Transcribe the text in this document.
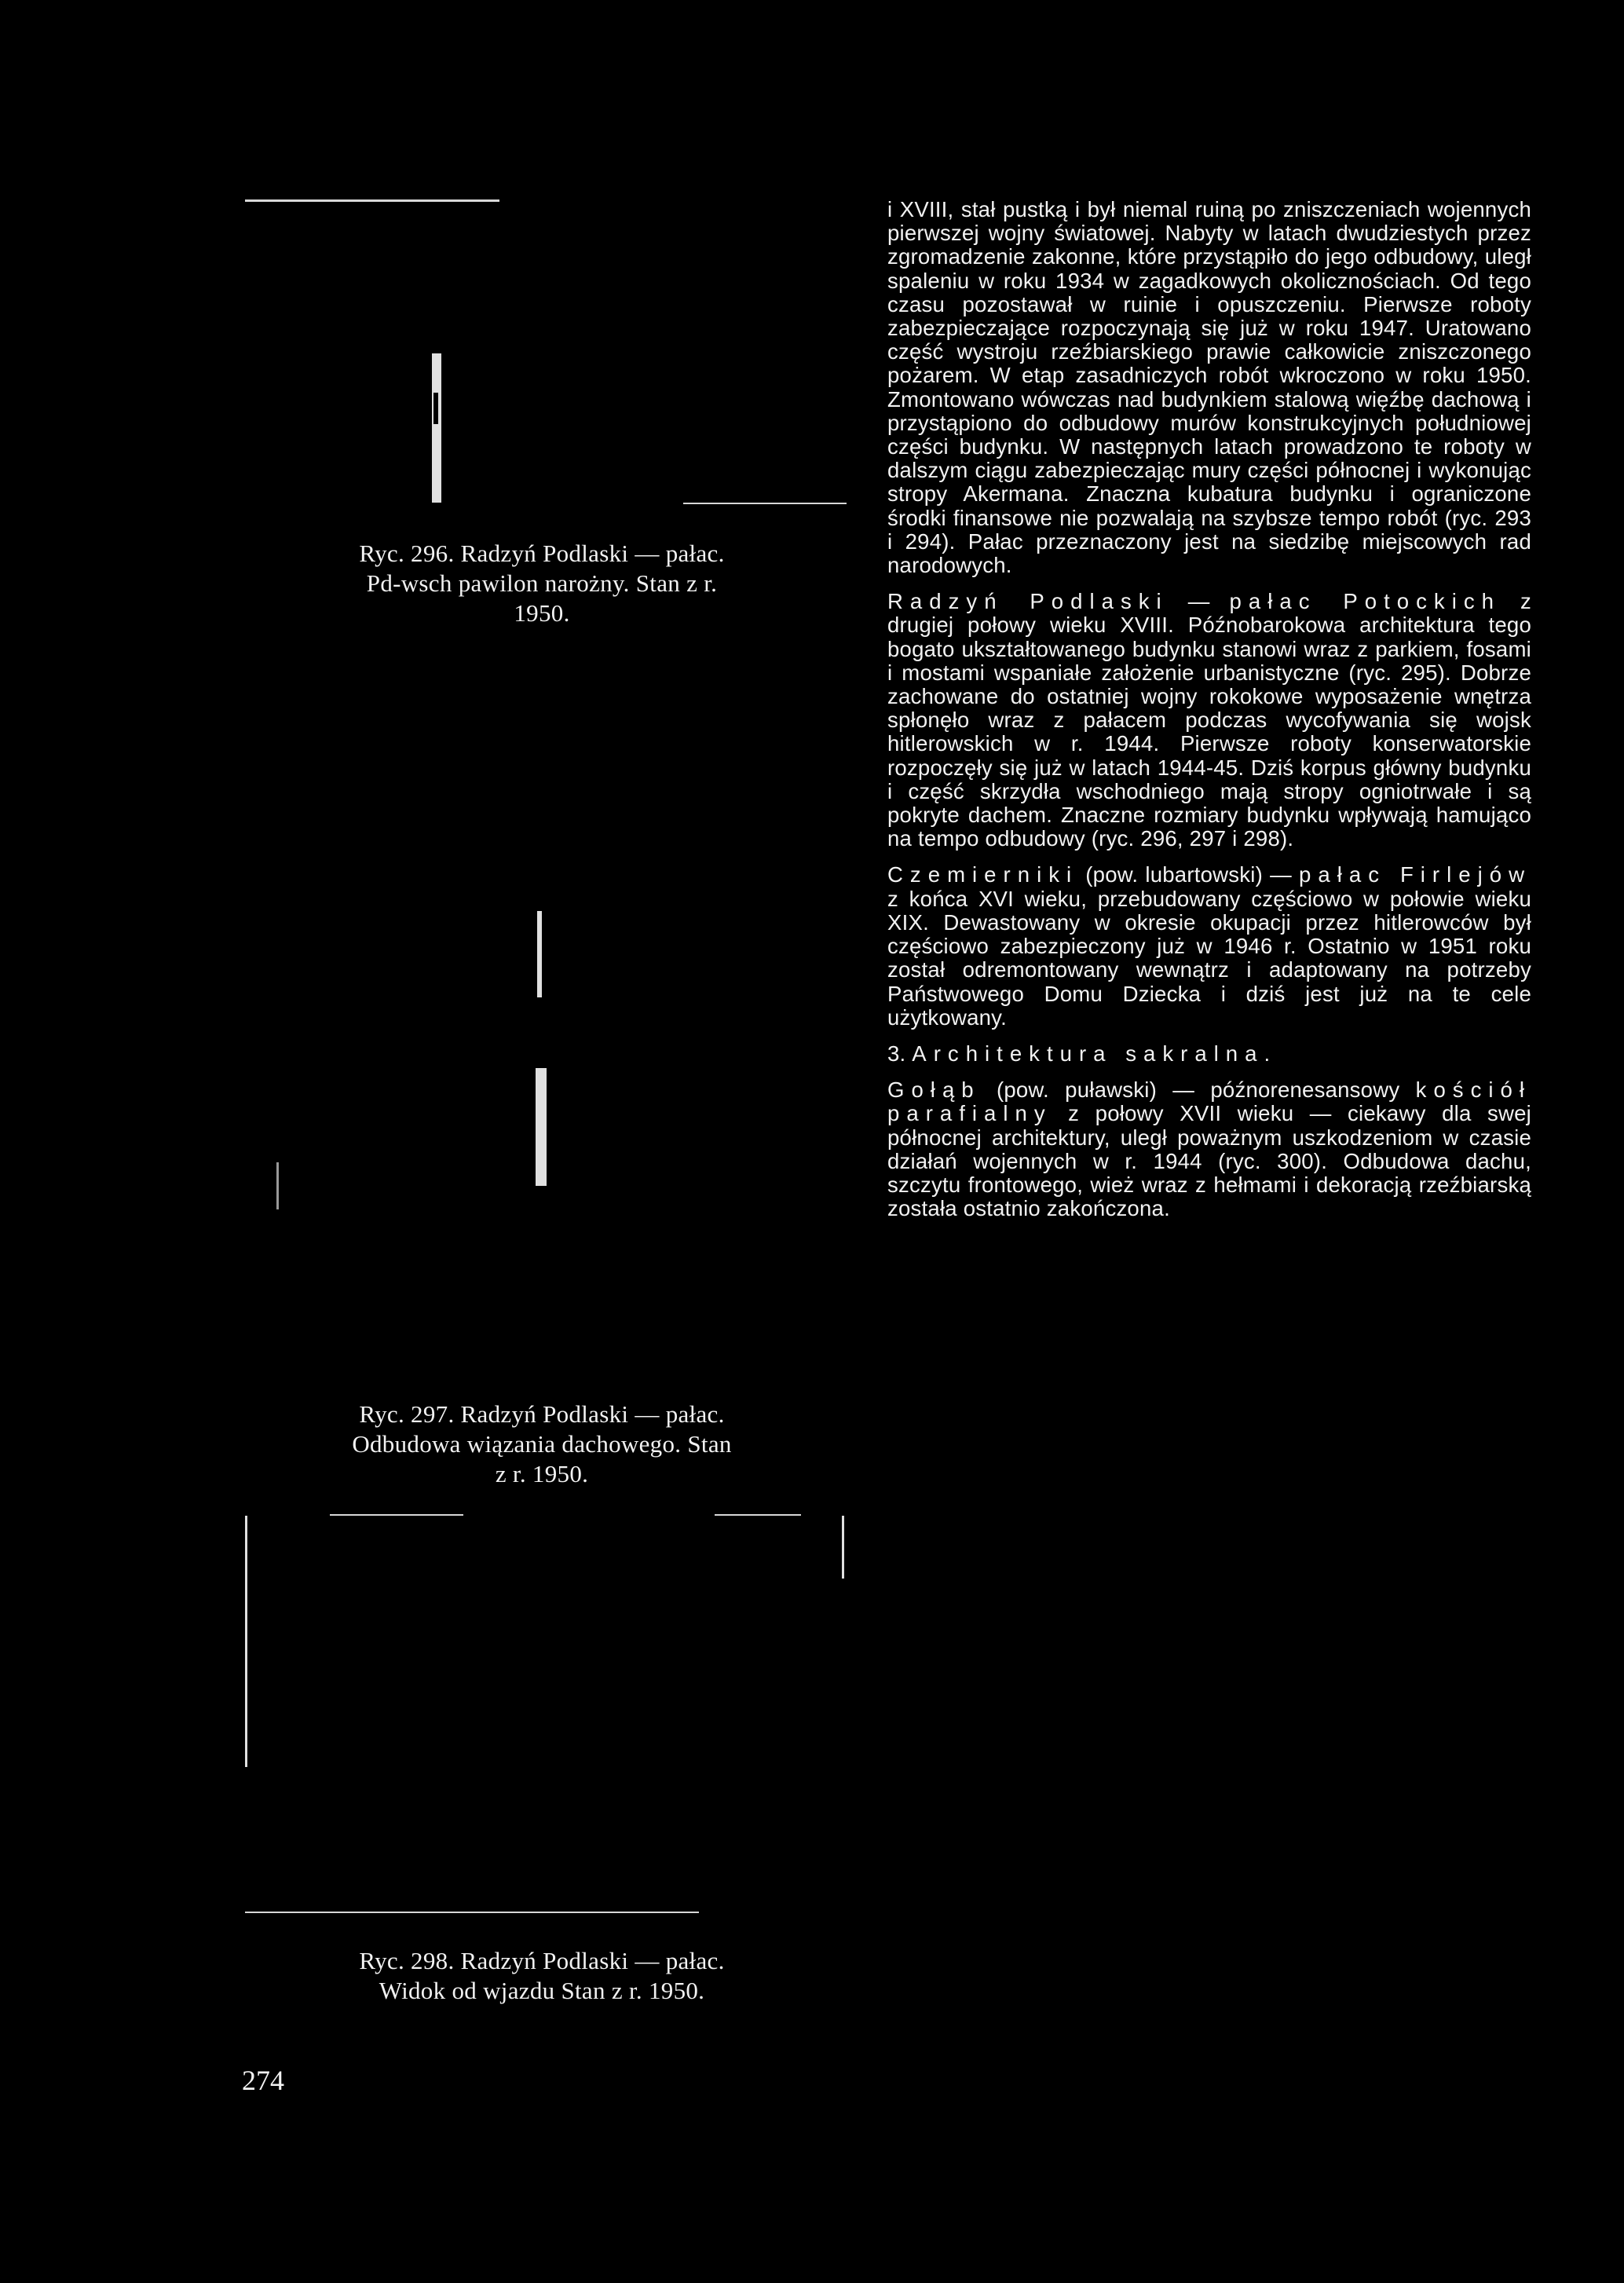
Ryc. 296. Radzyń Podlaski — pałac.
Pd-wsch pawilon narożny. Stan z r.
1950.
Ryc. 297. Radzyń Podlaski — pałac.
Odbudowa wiązania dachowego. Stan
z r. 1950.
Ryc. 298. Radzyń Podlaski — pałac.
Widok od wjazdu Stan z r. 1950.

i XVIII, stał pustką i był niemal ruiną po zniszczeniach wojennych pierwszej wojny światowej. Nabyty w latach dwudziestych przez zgromadzenie zakonne, które przystąpiło do jego odbudowy, uległ spaleniu w roku 1934 w zagadkowych okolicznościach. Od tego czasu pozostawał w ruinie i opuszczeniu. Pierwsze roboty zabezpieczające rozpoczynają się już w roku 1947. Uratowano część wystroju rzeźbiarskiego prawie całkowicie zniszczonego pożarem. W etap zasadniczych robót wkroczono w roku 1950. Zmontowano wówczas nad budynkiem stalową więźbę dachową i przystąpiono do odbudowy murów konstrukcyjnych południowej części budynku. W następnych latach prowadzono te roboty w dalszym ciągu zabezpieczając mury części północnej i wykonując stropy Akermana. Znaczna kubatura budynku i ograniczone środki finansowe nie pozwalają na szybsze tempo robót (ryc. 293 i 294). Pałac przeznaczony jest na siedzibę miejscowych rad narodowych.

Radzyń Podlaski — pałac Potockich z drugiej połowy wieku XVIII. Późnobarokowa architektura tego bogato ukształtowanego budynku stanowi wraz z parkiem, fosami i mostami wspaniałe założenie urbanistyczne (ryc. 295). Dobrze zachowane do ostatniej wojny rokokowe wyposażenie wnętrza spłonęło wraz z pałacem podczas wycofywania się wojsk hitlerowskich w r. 1944. Pierwsze roboty konserwatorskie rozpoczęły się już w latach 1944-45. Dziś korpus główny budynku i część skrzydła wschodniego mają stropy ogniotrwałe i są pokryte dachem. Znaczne rozmiary budynku wpływają hamująco na tempo odbudowy (ryc. 296, 297 i 298).

Czemierniki (pow. lubartowski) — pałac Firlejów z końca XVI wieku, przebudowany częściowo w połowie wieku XIX. Dewastowany w okresie okupacji przez hitlerowców był częściowo zabezpieczony już w 1946 r. Ostatnio w 1951 roku został odremontowany wewnątrz i adaptowany na potrzeby Państwowego Domu Dziecka i dziś jest już na te cele użytkowany.

3. Architektura sakralna.

Gołąb (pow. puławski) — późnorenesansowy kościół parafialny z połowy XVII wieku — ciekawy dla swej północnej architektury, uległ poważnym uszkodzeniom w czasie działań wojennych w r. 1944 (ryc. 300). Odbudowa dachu, szczytu frontowego, wież wraz z hełmami i dekoracją rzeźbiarską została ostatnio zakończona.

274
